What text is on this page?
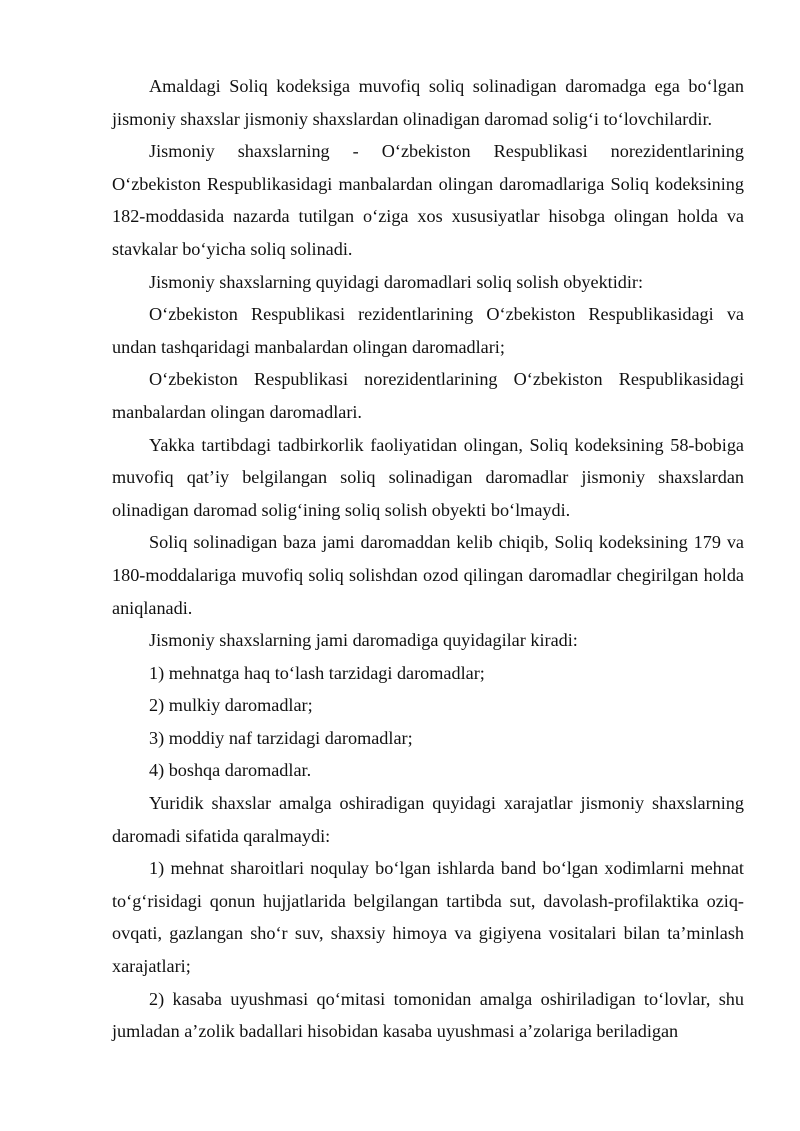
Amaldagi Soliq kodeksiga muvofiq soliq solinadigan daromadga ega bo‘lgan jismoniy shaxslar jismoniy shaxslardan olinadigan daromad solig‘i to‘lovchilardir.

Jismoniy shaxslarning - O‘zbekiston Respublikasi norezidentlarining O‘zbekiston Respublikasidagi manbalardan olingan daromadlariga Soliq kodeksining 182-moddasida nazarda tutilgan o‘ziga xos xususiyatlar hisobga olingan holda va stavkalar bo‘yicha soliq solinadi.

Jismoniy shaxslarning quyidagi daromadlari soliq solish obyektidir:

O‘zbekiston Respublikasi rezidentlarining O‘zbekiston Respublikasidagi va undan tashqaridagi manbalardan olingan daromadlari;

O‘zbekiston Respublikasi norezidentlarining O‘zbekiston Respublikasidagi manbalardan olingan daromadlari.

Yakka tartibdagi tadbirkorlik faoliyatidan olingan, Soliq kodeksining 58-bobiga muvofiq qat’iy belgilangan soliq solinadigan daromadlar jismoniy shaxslardan olinadigan daromad solig‘ining soliq solish obyekti bo‘lmaydi.

Soliq solinadigan baza jami daromaddan kelib chiqib, Soliq kodeksining 179 va 180-moddalariga muvofiq soliq solishdan ozod qilingan daromadlar chegirilgan holda aniqlanadi.

Jismoniy shaxslarning jami daromadiga quyidagilar kiradi:

1) mehnatga haq to‘lash tarzidagi daromadlar;

2) mulkiy daromadlar;

3) moddiy naf tarzidagi daromadlar;

4) boshqa daromadlar.

Yuridik shaxslar amalga oshiradigan quyidagi xarajatlar jismoniy shaxslarning daromadi sifatida qaralmaydi:

1) mehnat sharoitlari noqulay bo‘lgan ishlarda band bo‘lgan xodimlarni mehnat to‘g‘risidagi qonun hujjatlarida belgilangan tartibda sut, davolash-profilaktika oziq-ovqati, gazlangan sho‘r suv, shaxsiy himoya va gigiyena vositalari bilan ta’minlash xarajatlari;

2) kasaba uyushmasi qo‘mitasi tomonidan amalga oshiriladigan to‘lovlar, shu jumladan a’zolik badallari hisobidan kasaba uyushmasi a’zolariga beriladigan
